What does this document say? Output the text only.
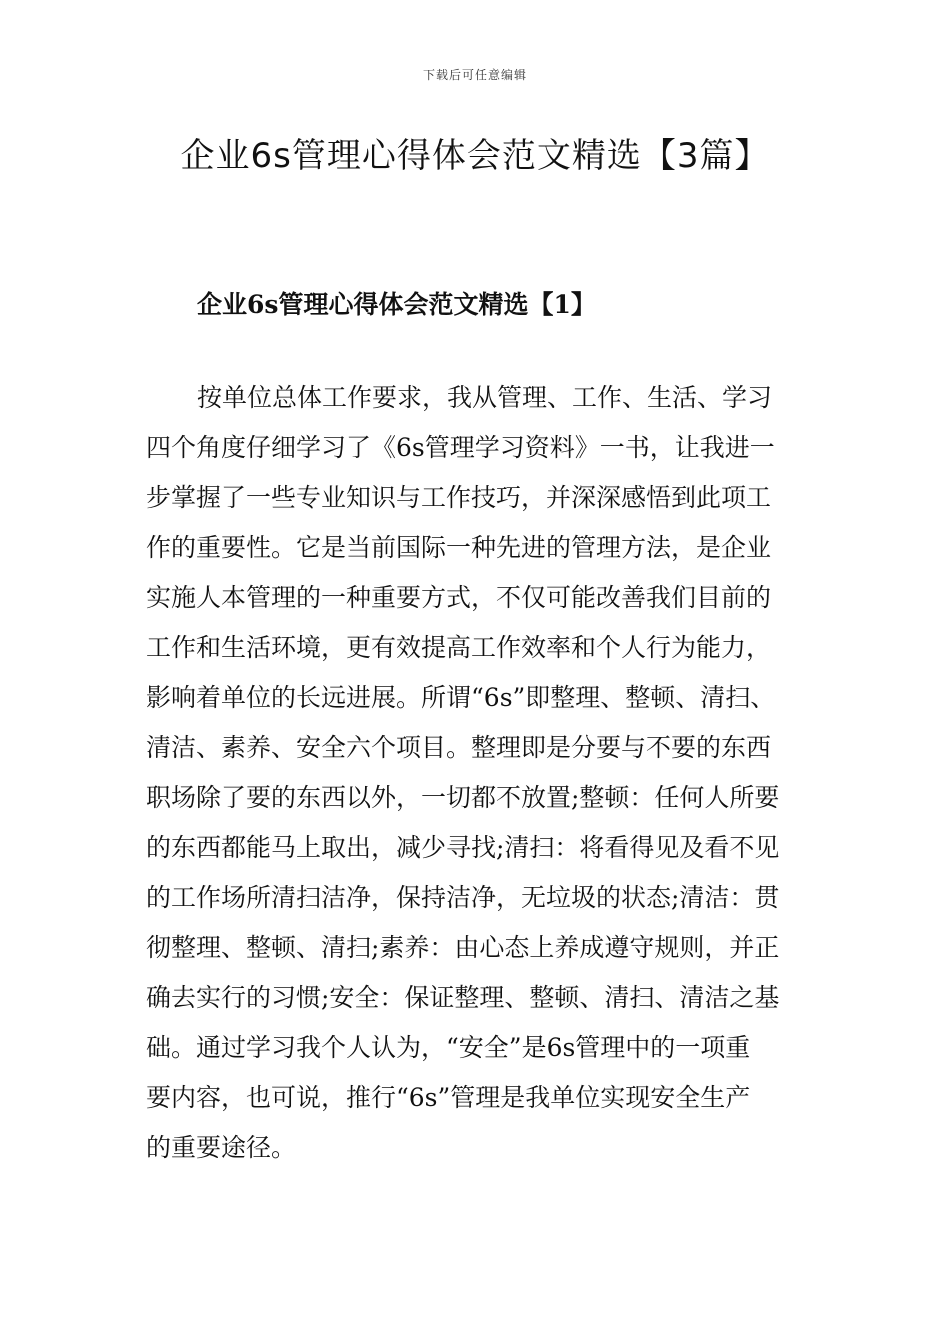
下载后可任意编辑
企业6s管理心得体会范文精选【3篇】
企业6s管理心得体会范文精选【1】
按单位总体工作要求，我从管理、工作、生活、学习
四个角度仔细学习了《6s管理学习资料》一书，让我进一
步掌握了一些专业知识与工作技巧，并深深感悟到此项工
作的重要性。它是当前国际一种先进的管理方法，是企业
实施人本管理的一种重要方式，不仅可能改善我们目前的
工作和生活环境，更有效提高工作效率和个人行为能力，
影响着单位的长远进展。所谓“6s”即整理、整顿、清扫、
清洁、素养、安全六个项目。整理即是分要与不要的东西
职场除了要的东西以外，一切都不放置;整顿：任何人所要
的东西都能马上取出，减少寻找;清扫：将看得见及看不见
的工作场所清扫洁净，保持洁净，无垃圾的状态;清洁：贯
彻整理、整顿、清扫;素养：由心态上养成遵守规则，并正
确去实行的习惯;安全：保证整理、整顿、清扫、清洁之基
础。通过学习我个人认为，“安全”是6s管理中的一项重
要内容，也可说，推行“6s”管理是我单位实现安全生产
的重要途径。
